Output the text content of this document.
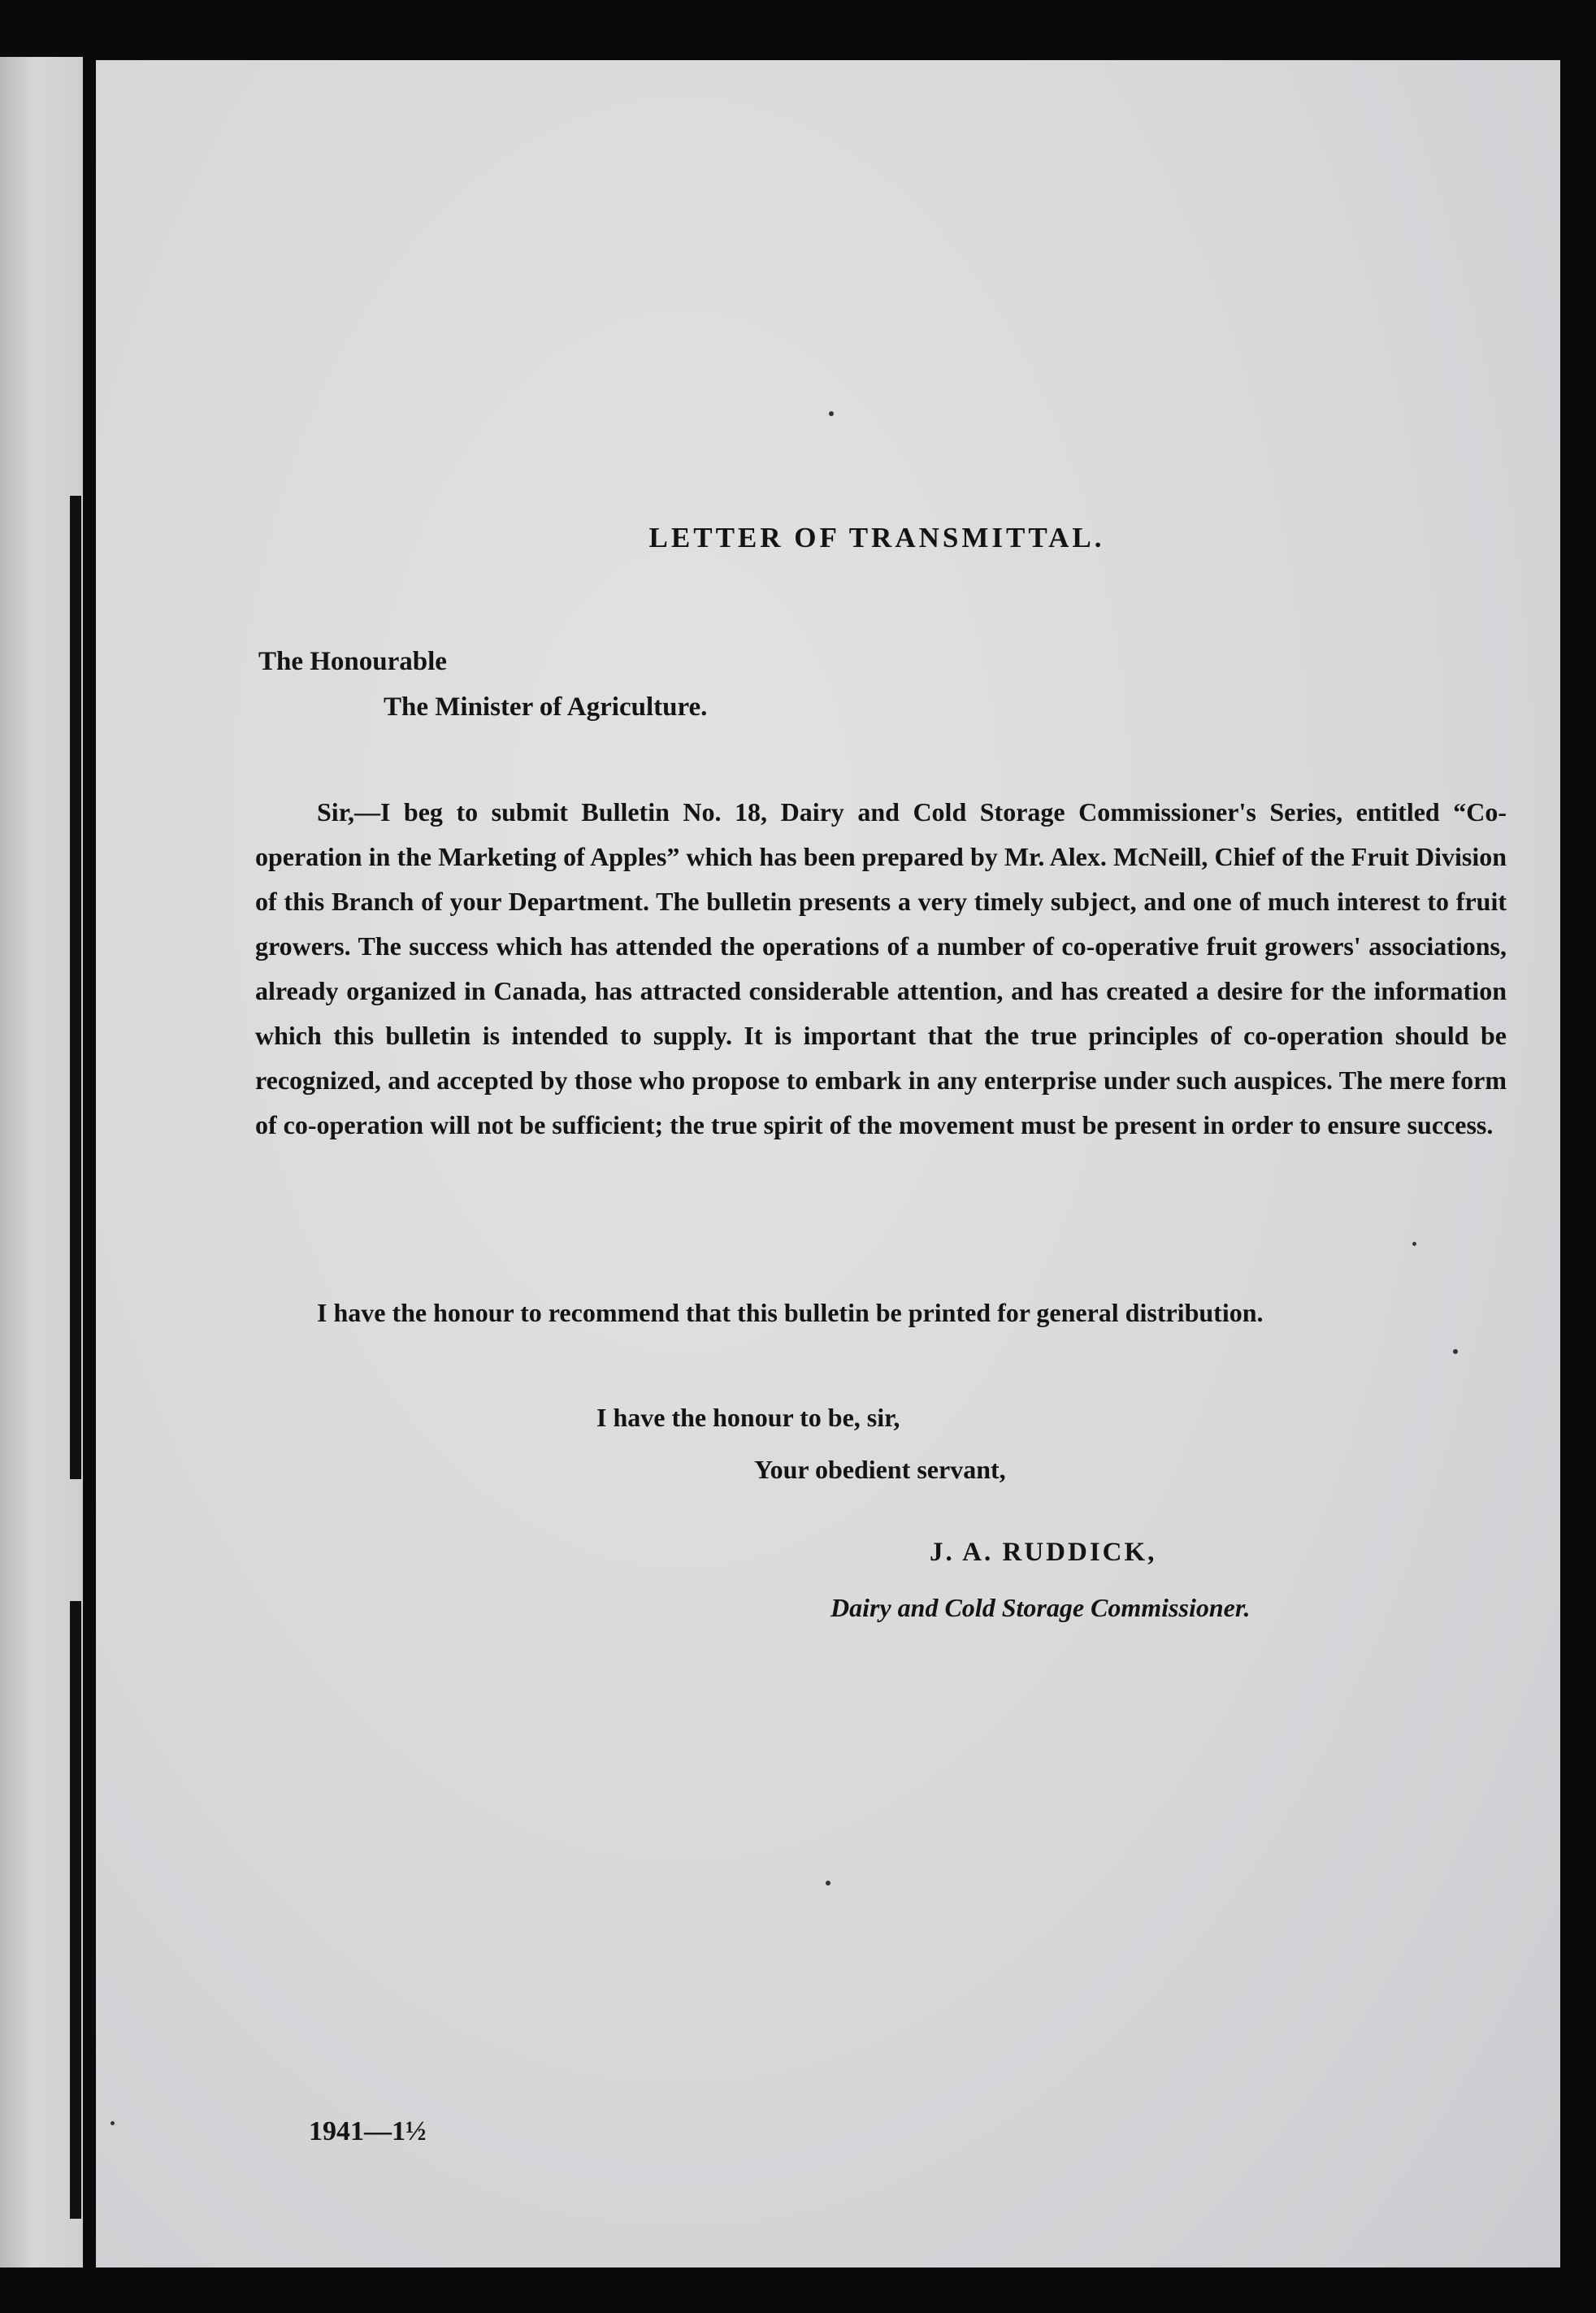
LETTER OF TRANSMITTAL.
The Honourable
The Minister of Agriculture.
Sir,—I beg to submit Bulletin No. 18, Dairy and Cold Storage Commissioner's Series, entitled “Co-operation in the Marketing of Apples” which has been prepared by Mr. Alex. McNeill, Chief of the Fruit Division of this Branch of your Department. The bulletin presents a very timely subject, and one of much interest to fruit growers. The success which has attended the operations of a number of co-operative fruit growers' associations, already organized in Canada, has attracted considerable attention, and has created a desire for the information which this bulletin is intended to supply. It is important that the true principles of co-operation should be recognized, and accepted by those who propose to embark in any enterprise under such auspices. The mere form of co-operation will not be sufficient; the true spirit of the movement must be present in order to ensure success.
I have the honour to recommend that this bulletin be printed for general distribution.
I have the honour to be, sir,
Your obedient servant,
J. A. RUDDICK,
Dairy and Cold Storage Commissioner.
1941—1½
